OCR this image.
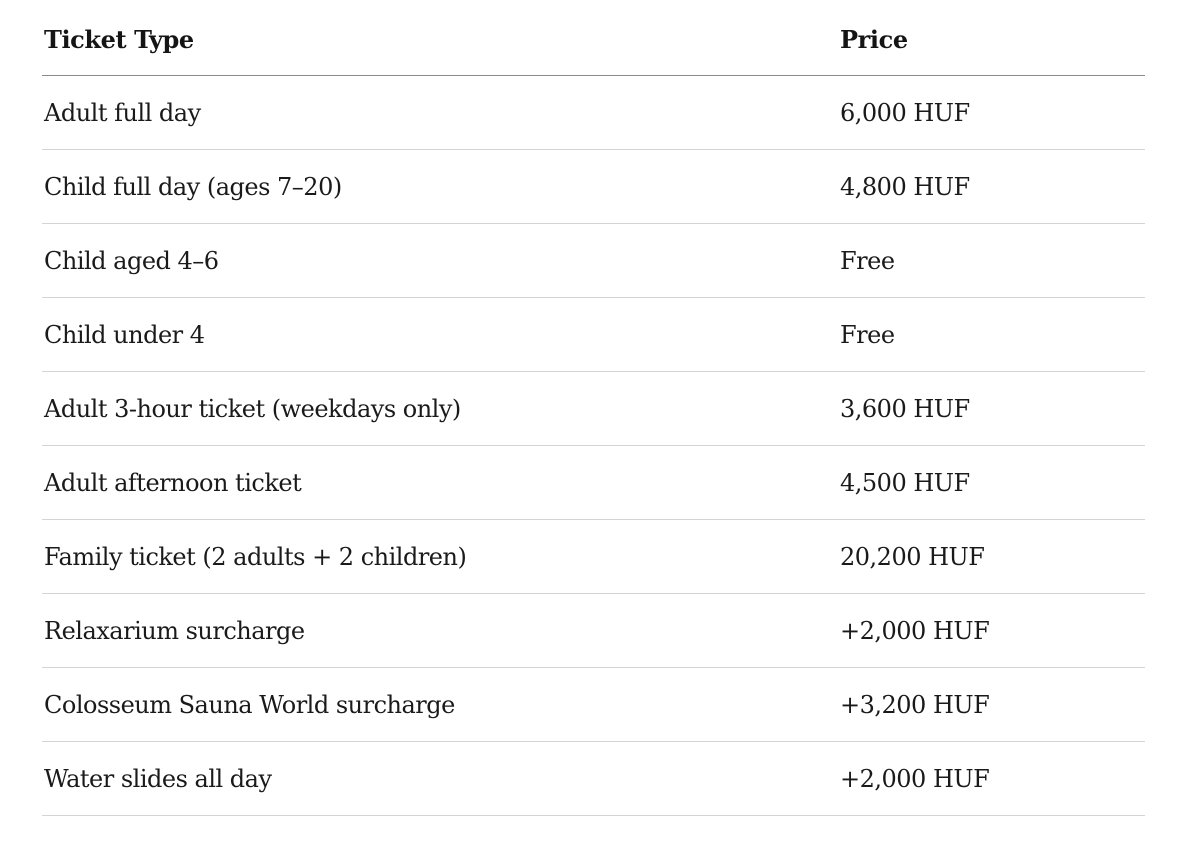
Ticket Type	Price
Adult full day	6,000 HUF
Child full day (ages 7–20)	4,800 HUF
Child aged 4–6	Free
Child under 4	Free
Adult 3-hour ticket (weekdays only)	3,600 HUF
Adult afternoon ticket	4,500 HUF
Family ticket (2 adults + 2 children)	20,200 HUF
Relaxarium surcharge	+2,000 HUF
Colosseum Sauna World surcharge	+3,200 HUF
Water slides all day	+2,000 HUF
